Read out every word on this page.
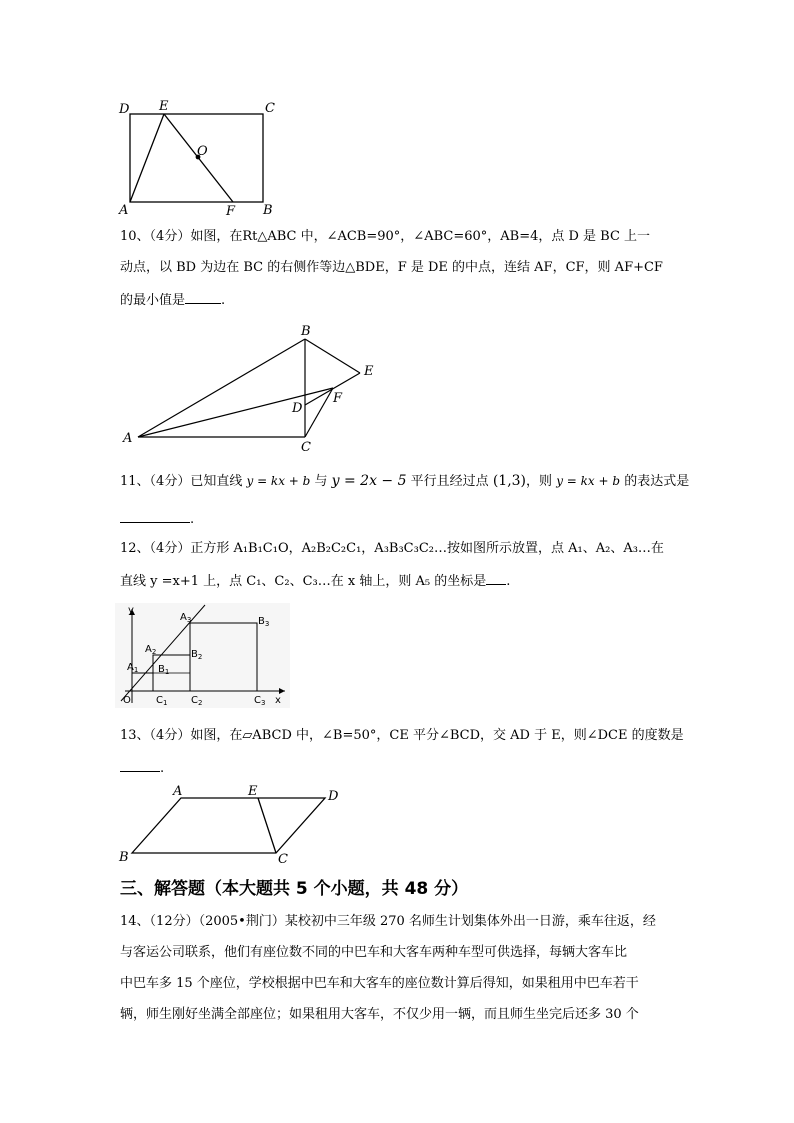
D E	C
O
A	F B
10、（4分）如图，在Rt△ABC 中，∠ACB=90°，∠ABC=60°，AB=4，点 D 是 BC 上一
动点，以 BD 为边在 BC 的右侧作等边△BDE，F 是 DE 的中点，连结 AF，CF，则 AF+CF
的最小值是	.
B
E
D
F
A
C
11、（4分）已知直线 y = kx + b 与 y = 2x − 5 平行且经过点 (1,3)，则 y = kx + b 的表达式是
.
12、（4分）正方形 A₁B₁C₁O，A₂B₂C₂C₁，A₃B₃C₃C₂…按如图所示放置，点 A₁、A₂、A₃…在
直线 y =x+1 上，点 C₁、C₂、C₃…在 x 轴上，则 A₅ 的坐标是 .
y
x
O
$A_1$
$A_2$
$A_3$
$B_1$
$B_2$
$B_3$
$C_1$ $C_2$	$C_3$
13、（4分）如图，在▱ABCD 中，∠B=50°，CE 平分∠BCD，交 AD 于 E，则∠DCE 的度数是
.
A	E	D
B	C
三、解答题（本大题共 5 个小题，共 48 分）
14、（12分）（2005•荆门）某校初中三年级 270 名师生计划集体外出一日游，乘车往返，经
与客运公司联系，他们有座位数不同的中巴车和大客车两种车型可供选择，每辆大客车比
中巴车多 15 个座位，学校根据中巴车和大客车的座位数计算后得知，如果租用中巴车若干
辆，师生刚好坐满全部座位；如果租用大客车，不仅少用一辆，而且师生坐完后还多 30 个
